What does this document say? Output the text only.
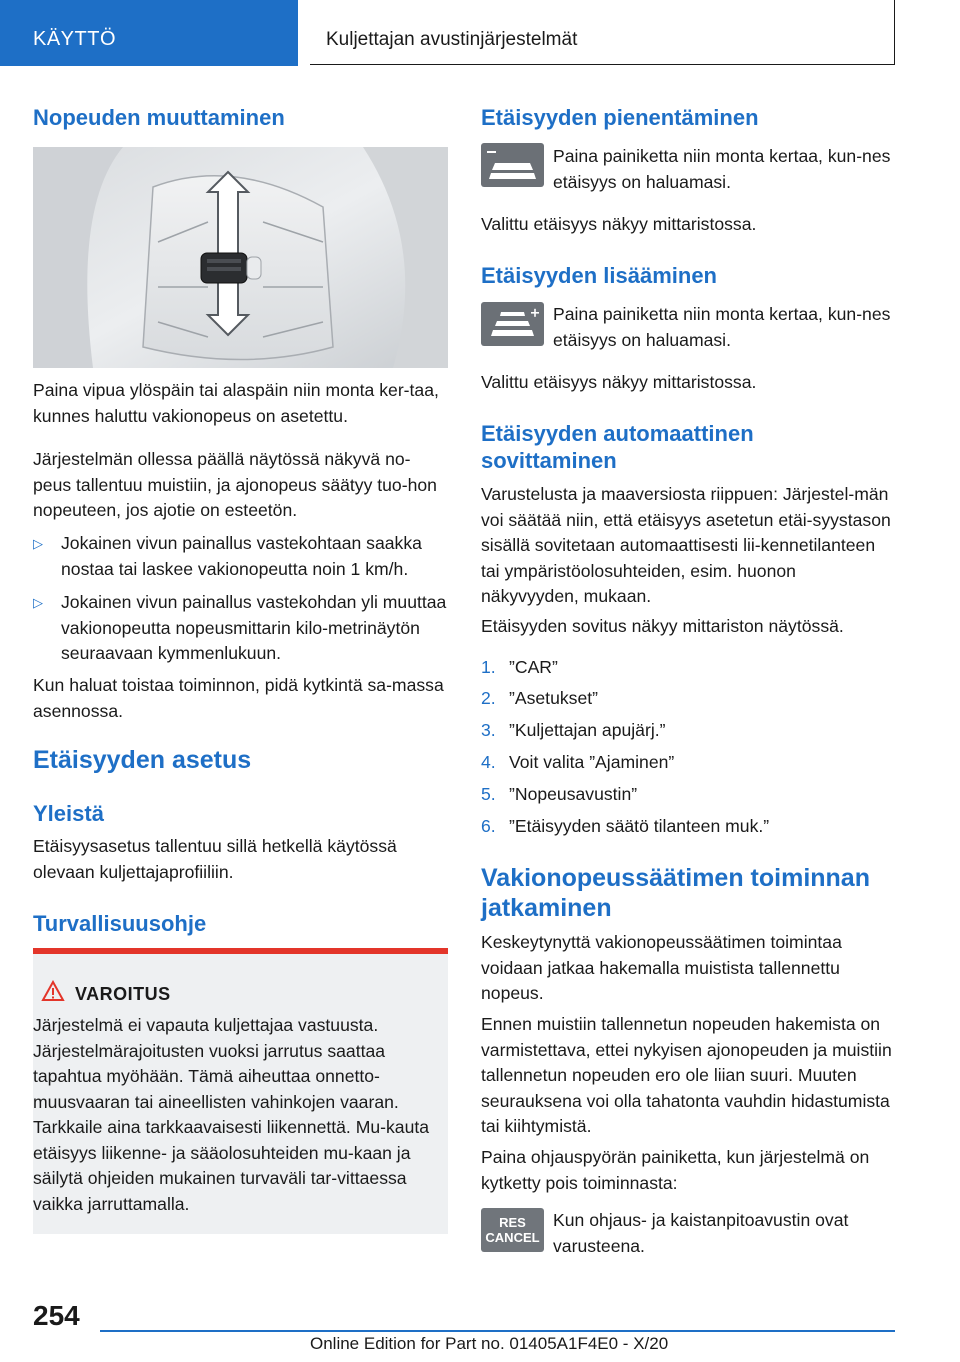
KÄYTTÖ	Kuljettajan avustinjärjestelmät
Nopeuden muuttaminen
Paina vipua ylöspäin tai alaspäin niin monta ker-taa, kunnes haluttu vakionopeus on asetettu.
Järjestelmän ollessa päällä näytössä näkyvä no-peus tallentuu muistiin, ja ajonopeus säätyy tuo-hon nopeuteen, jos ajotie on esteetön.
▷ Jokainen vivun painallus vastekohtaan saakka nostaa tai laskee vakionopeutta noin 1 km/h.
▷ Jokainen vivun painallus vastekohdan yli muuttaa vakionopeutta nopeusmittarin kilo-metrinäytön seuraavaan kymmenlukuun.
Kun haluat toistaa toiminnon, pidä kytkintä sa-massa asennossa.
Etäisyyden asetus
Yleistä
Etäisyysasetus tallentuu sillä hetkellä käytössä olevaan kuljettajaprofiiliin.
Turvallisuusohje
VAROITUS
Järjestelmä ei vapauta kuljettajaa vastuusta. Järjestelmärajoitusten vuoksi jarrutus saattaa tapahtua myöhään. Tämä aiheuttaa onnetto-muusvaaran tai aineellisten vahinkojen vaaran. Tarkkaile aina tarkkaavaisesti liikennettä. Mu-kauta etäisyys liikenne- ja sääolosuhteiden mu-kaan ja säilytä ohjeiden mukainen turvaväli tar-vittaessa vaikka jarruttamalla.
Etäisyyden pienentäminen
Paina painiketta niin monta kertaa, kun-nes etäisyys on haluamasi.
Valittu etäisyys näkyy mittaristossa.
Etäisyyden lisääminen
Paina painiketta niin monta kertaa, kun-nes etäisyys on haluamasi.
Valittu etäisyys näkyy mittaristossa.
Etäisyyden automaattinen
sovittaminen
Varustelusta ja maaversiosta riippuen: Järjestel-män voi säätää niin, että etäisyys asetetun etäi-syystason sisällä sovitetaan automaattisesti lii-kennetilanteen tai ympäristöolosuhteiden, esim. huonon näkyvyyden, mukaan.
Etäisyyden sovitus näkyy mittariston näytössä.
1. ”CAR”
2. ”Asetukset”
3. ”Kuljettajan apujärj.”
4. Voit valita ”Ajaminen”
5. ”Nopeusavustin”
6. ”Etäisyyden säätö tilanteen muk.”
Vakionopeussäätimen toiminnan
jatkaminen
Keskeytynyttä vakionopeussäätimen toimintaa voidaan jatkaa hakemalla muistista tallennettu nopeus.
Ennen muistiin tallennetun nopeuden hakemista on varmistettava, ettei nykyisen ajonopeuden ja muistiin tallennetun nopeuden ero ole liian suuri. Muuten seurauksena voi olla tahatonta vauhdin hidastumista tai kiihtymistä.
Paina ohjauspyörän painiketta, kun järjestelmä on kytketty pois toiminnasta:
RES
CANCEL
Kun ohjaus- ja kaistanpitoavustin ovat varusteena.
254
Online Edition for Part no. 01405A1F4E0 - X/20
